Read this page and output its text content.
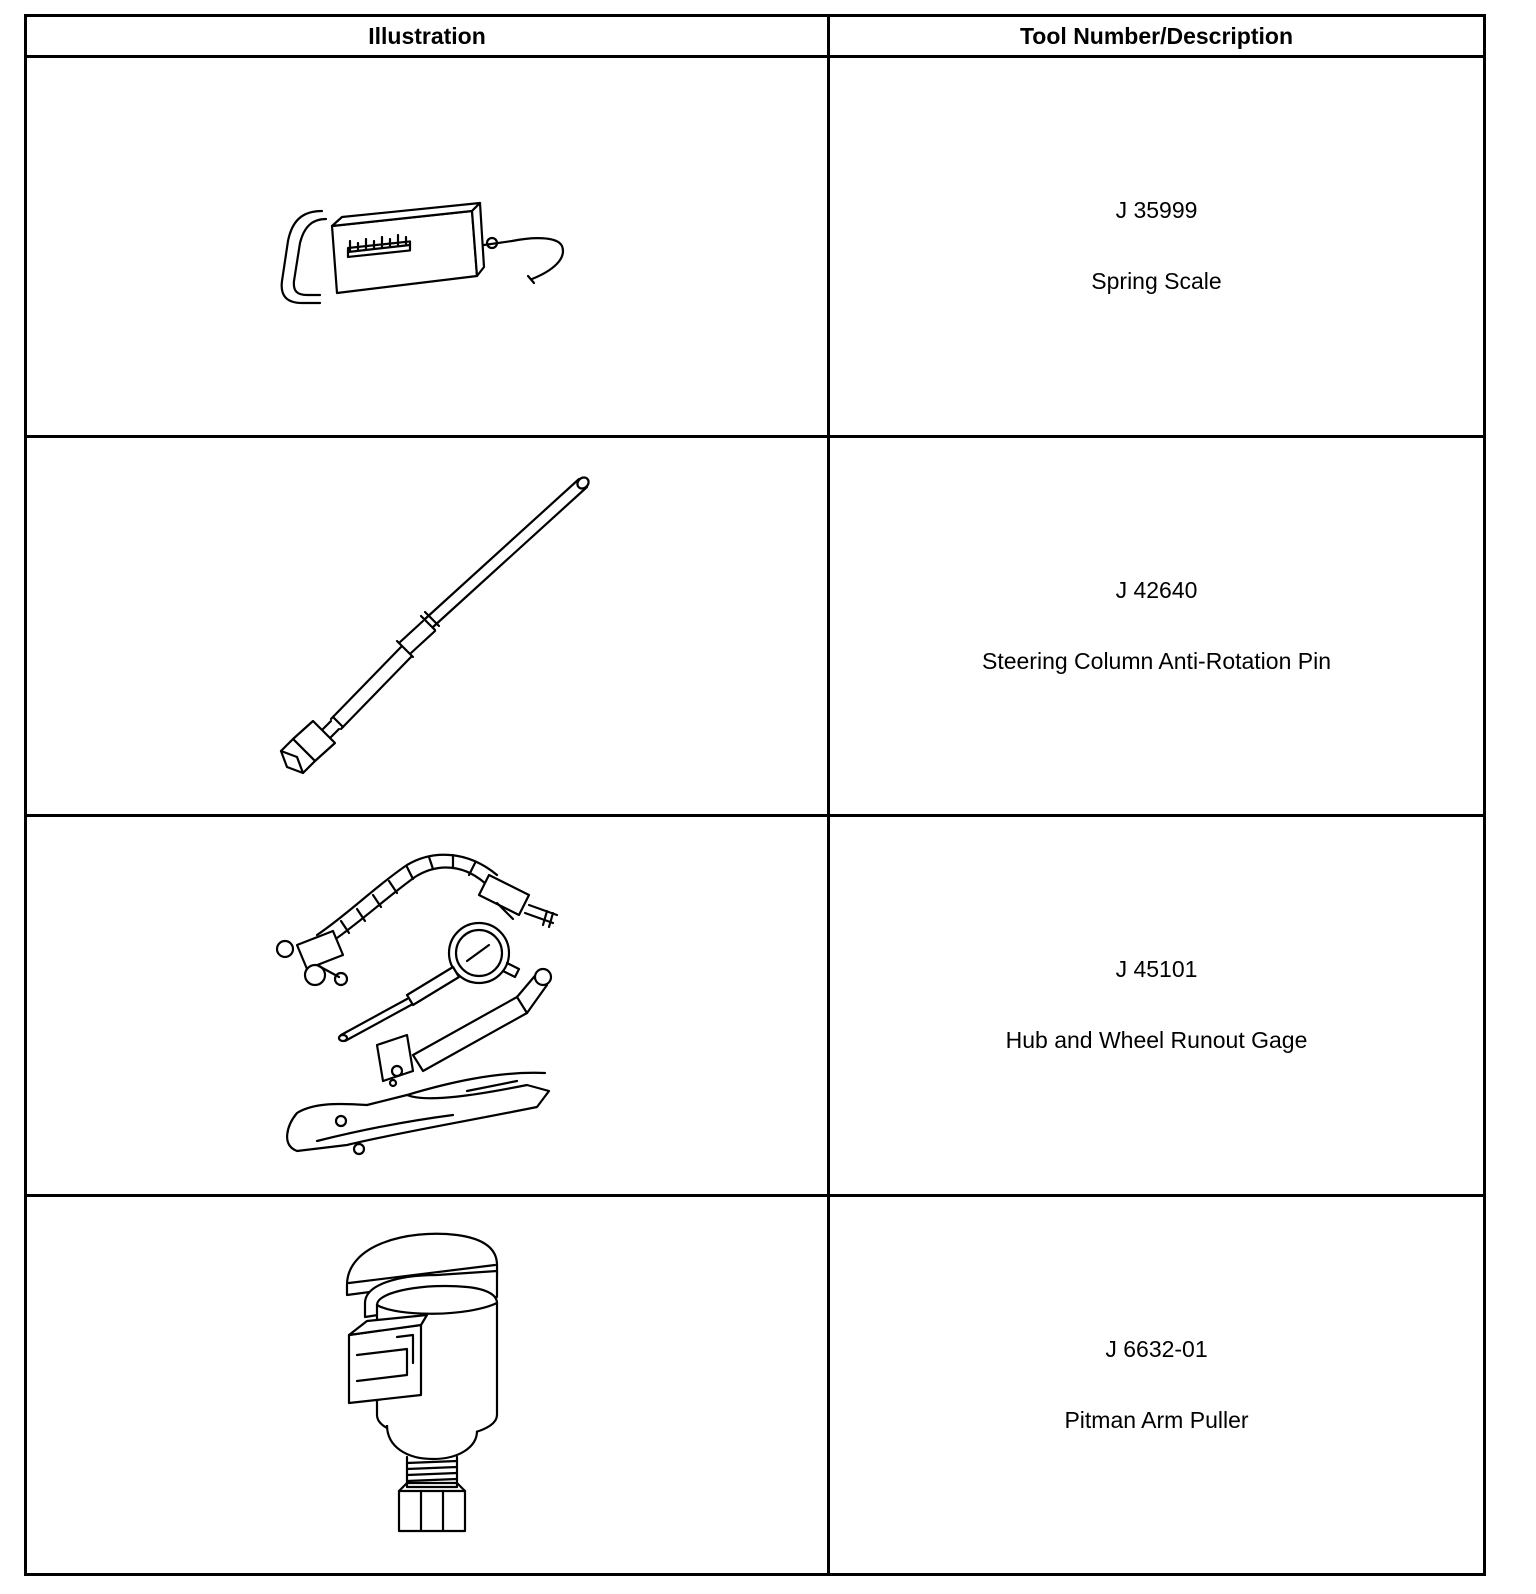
Illustration	Tool Number/Description

J 35999
Spring Scale

J 42640
Steering Column Anti-Rotation Pin

J 45101
Hub and Wheel Runout Gage

J 6632-01
Pitman Arm Puller
